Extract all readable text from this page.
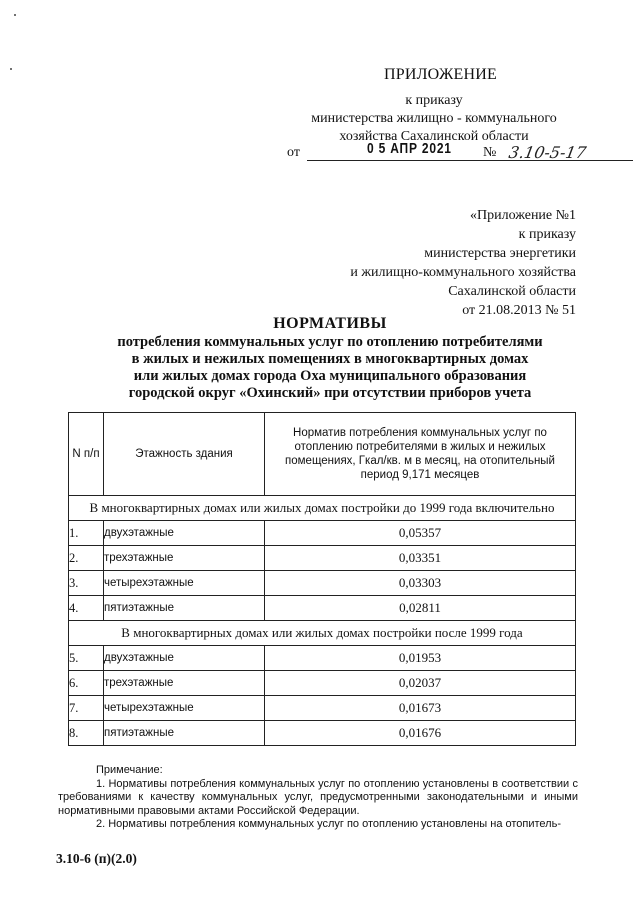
ПРИЛОЖЕНИЕ
к приказу
министерства жилищно - коммунального
хозяйства Сахалинской области
от	0 5 АПР 2021 № 3.10-5-17
«Приложение №1
к приказу
министерства энергетики
и жилищно-коммунального хозяйства
Сахалинской области
от 21.08.2013 № 51
НОРМАТИВЫ
потребления коммунальных услуг по отоплению потребителями
в жилых и нежилых помещениях в многоквартирных домах
или жилых домах города Оха муниципального образования
городской округ «Охинский» при отсутствии приборов учета
N п/п	Этажность здания	Норматив потребления коммунальных услуг по отоплению потребителями в жилых и нежилых помещениях, Гкал/кв. м в месяц, на отопительный период 9,171 месяцев
В многоквартирных домах или жилых домах постройки до 1999 года включительно		
1.	двухэтажные	0,05357
2.	трехэтажные	0,03351
3.	четырехэтажные	0,03303
4.	пятиэтажные	0,02811
В многоквартирных домах или жилых домах постройки после 1999 года		
5.	двухэтажные	0,01953
6.	трехэтажные	0,02037
7.	четырехэтажные	0,01673
8.	пятиэтажные	0,01676

Примечание:

1. Нормативы потребления коммунальных услуг по отоплению установлены в соответствии с требованиями к качеству коммунальных услуг, предусмотренными законодательными и иными нормативными правовыми актами Российской Федерации.

2. Нормативы потребления коммунальных услуг по отоплению установлены на отопитель-

3.10-6 (п)(2.0)
